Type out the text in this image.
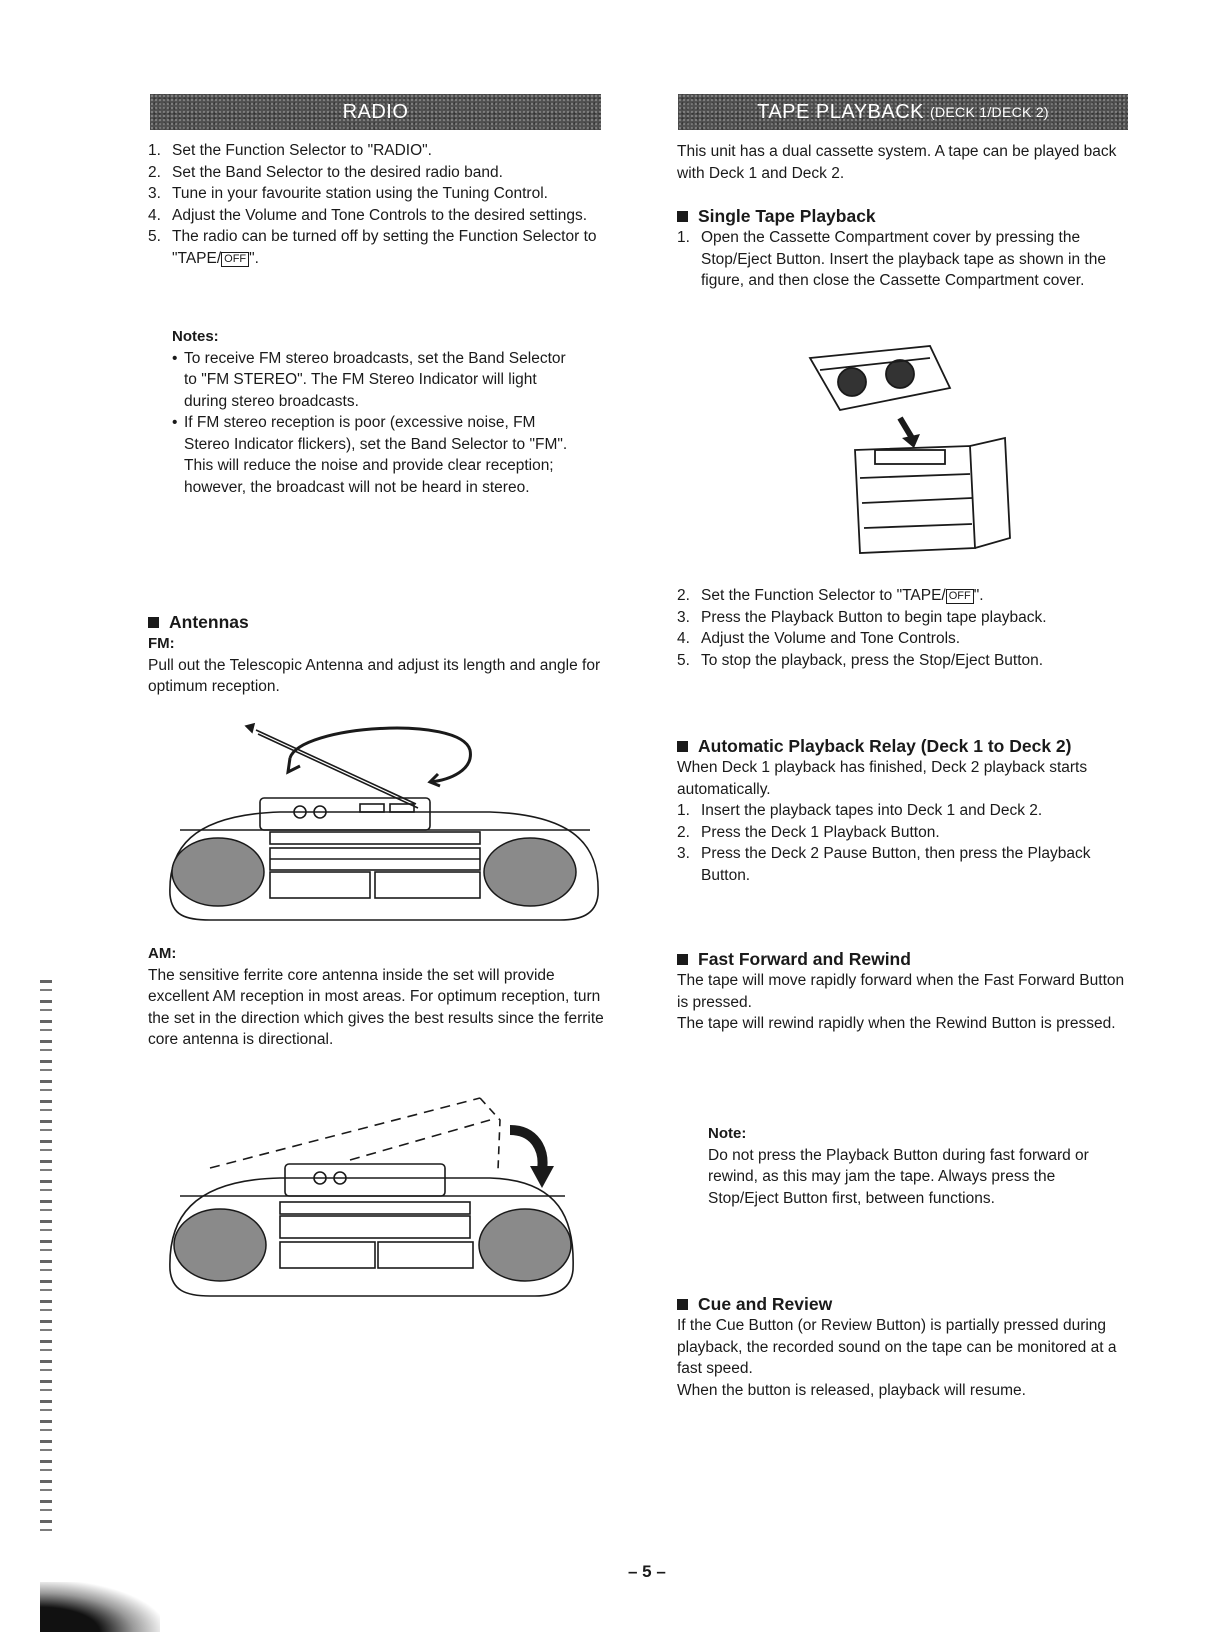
RADIO
1. Set the Function Selector to "RADIO".
2. Set the Band Selector to the desired radio band.
3. Tune in your favourite station using the Tuning Control.
4. Adjust the Volume and Tone Controls to the desired settings.
5. The radio can be turned off by setting the Function Selector to "TAPE/ OFF ".
Notes:
• To receive FM stereo broadcasts, set the Band Selector to "FM STEREO". The FM Stereo Indicator will light during stereo broadcasts.
• If FM stereo reception is poor (excessive noise, FM Stereo Indicator flickers), set the Band Selector to "FM". This will reduce the noise and provide clear reception; however, the broadcast will not be heard in stereo.
Antennas
FM:

Pull out the Telescopic Antenna and adjust its length and angle for optimum reception.

AM:

The sensitive ferrite core antenna inside the set will provide excellent AM reception in most areas. For optimum reception, turn the set in the direction which gives the best results since the ferrite core antenna is directional.

TAPE PLAYBACK (DECK 1/DECK 2)

This unit has a dual cassette system. A tape can be played back with Deck 1 and Deck 2.

Single Tape Playback
1. Open the Cassette Compartment cover by pressing the Stop/Eject Button. Insert the playback tape as shown in the figure, and then close the Cassette Compartment cover.
2. Set the Function Selector to "TAPE/ OFF ".
3. Press the Playback Button to begin tape playback.
4. Adjust the Volume and Tone Controls.
5. To stop the playback, press the Stop/Eject Button.
Automatic Playback Relay (Deck 1 to Deck 2)

When Deck 1 playback has finished, Deck 2 playback starts automatically.

1. Insert the playback tapes into Deck 1 and Deck 2.
2. Press the Deck 1 Playback Button.
3. Press the Deck 2 Pause Button, then press the Playback Button.
Fast Forward and Rewind

The tape will move rapidly forward when the Fast Forward Button is pressed.

The tape will rewind rapidly when the Rewind Button is pressed.

Note:

Do not press the Playback Button during fast forward or rewind, as this may jam the tape. Always press the Stop/Eject Button first, between functions.

Cue and Review

If the Cue Button (or Review Button) is partially pressed during playback, the recorded sound on the tape can be monitored at a fast speed.

When the button is released, playback will resume.

– 5 –
